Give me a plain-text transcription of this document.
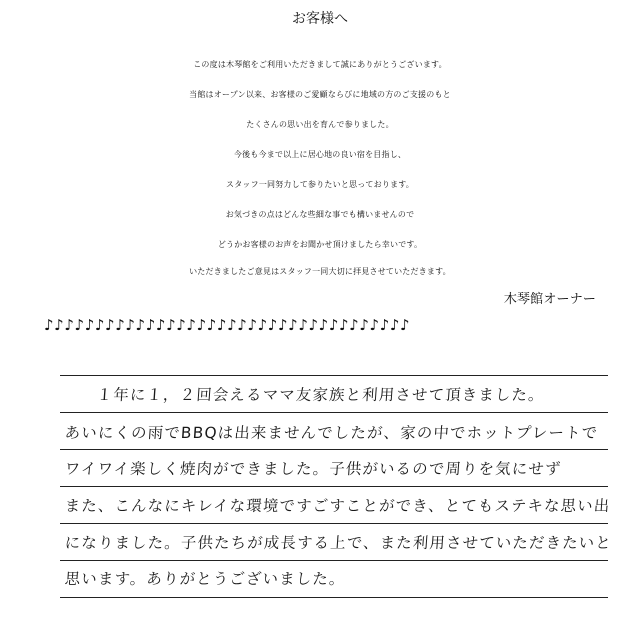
お客様へ
この度は木琴館をご利用いただきまして誠にありがとうございます。
当館はオープン以来、お客様のご愛顧ならびに地域の方のご支援のもと
たくさんの思い出を育んで参りました。
今後も今まで以上に居心地の良い宿を目指し、
スタッフ一同努力して参りたいと思っております。
お気づきの点はどんな些細な事でも構いませんので
どうかお客様のお声をお聞かせ頂けましたら幸いです。
いただきましたご意見はスタッフ一同大切に拝見させていただきます。
木琴館オーナー
♪♪♪♪♪♪♪♪♪♪♪♪♪♪♪♪♪♪♪♪♪♪♪♪♪♪♪♪♪♪♪♪♪♪♪♪
１年に１，２回会えるママ友家族と利用させて頂きました。
あいにくの雨でBBQは出来ませんでしたが、家の中でホットプレートで
ワイワイ楽しく焼肉ができました。子供がいるので周りを気にせず
また、こんなにキレイな環境ですごすことができ、とてもステキな思い出
になりました。子供たちが成長する上で、また利用させていただきたいと
思います。ありがとうございました。
